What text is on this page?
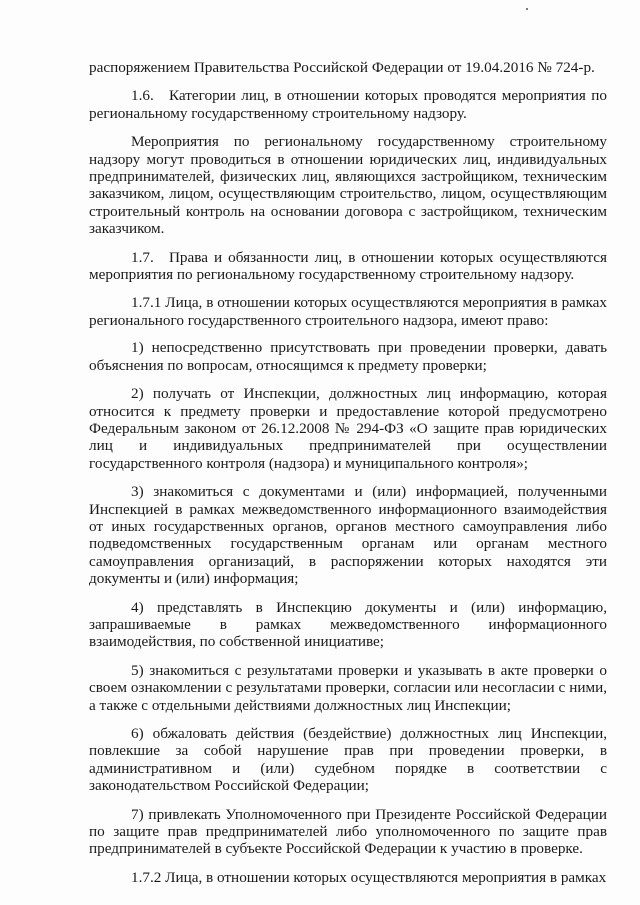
распоряжением Правительства Российской Федерации от 19.04.2016 № 724-р.

1.6. Категории лиц, в отношении которых проводятся мероприятия по региональному государственному строительному надзору.

Мероприятия по региональному государственному строительному надзору могут проводиться в отношении юридических лиц, индивидуальных предпринимателей, физических лиц, являющихся застройщиком, техническим заказчиком, лицом, осуществляющим строительство, лицом, осуществляющим строительный контроль на основании договора с застройщиком, техническим заказчиком.

1.7. Права и обязанности лиц, в отношении которых осуществляются мероприятия по региональному государственному строительному надзору.

1.7.1 Лица, в отношении которых осуществляются мероприятия в рамках регионального государственного строительного надзора, имеют право:

1) непосредственно присутствовать при проведении проверки, давать объяснения по вопросам, относящимся к предмету проверки;

2) получать от Инспекции, должностных лиц информацию, которая относится к предмету проверки и предоставление которой предусмотрено Федеральным законом от 26.12.2008 № 294-ФЗ «О защите прав юридических лиц и индивидуальных предпринимателей при осуществлении государственного контроля (надзора) и муниципального контроля»;

3) знакомиться с документами и (или) информацией, полученными Инспекцией в рамках межведомственного информационного взаимодействия от иных государственных органов, органов местного самоуправления либо подведомственных государственным органам или органам местного самоуправления организаций, в распоряжении которых находятся эти документы и (или) информация;

4) представлять в Инспекцию документы и (или) информацию, запрашиваемые в рамках межведомственного информационного взаимодействия, по собственной инициативе;

5) знакомиться с результатами проверки и указывать в акте проверки о своем ознакомлении с результатами проверки, согласии или несогласии с ними, а также с отдельными действиями должностных лиц Инспекции;

6) обжаловать действия (бездействие) должностных лиц Инспекции, повлекшие за собой нарушение прав при проведении проверки, в административном и (или) судебном порядке в соответствии с законодательством Российской Федерации;

7) привлекать Уполномоченного при Президенте Российской Федерации по защите прав предпринимателей либо уполномоченного по защите прав предпринимателей в субъекте Российской Федерации к участию в проверке.

1.7.2 Лица, в отношении которых осуществляются мероприятия в рамках
